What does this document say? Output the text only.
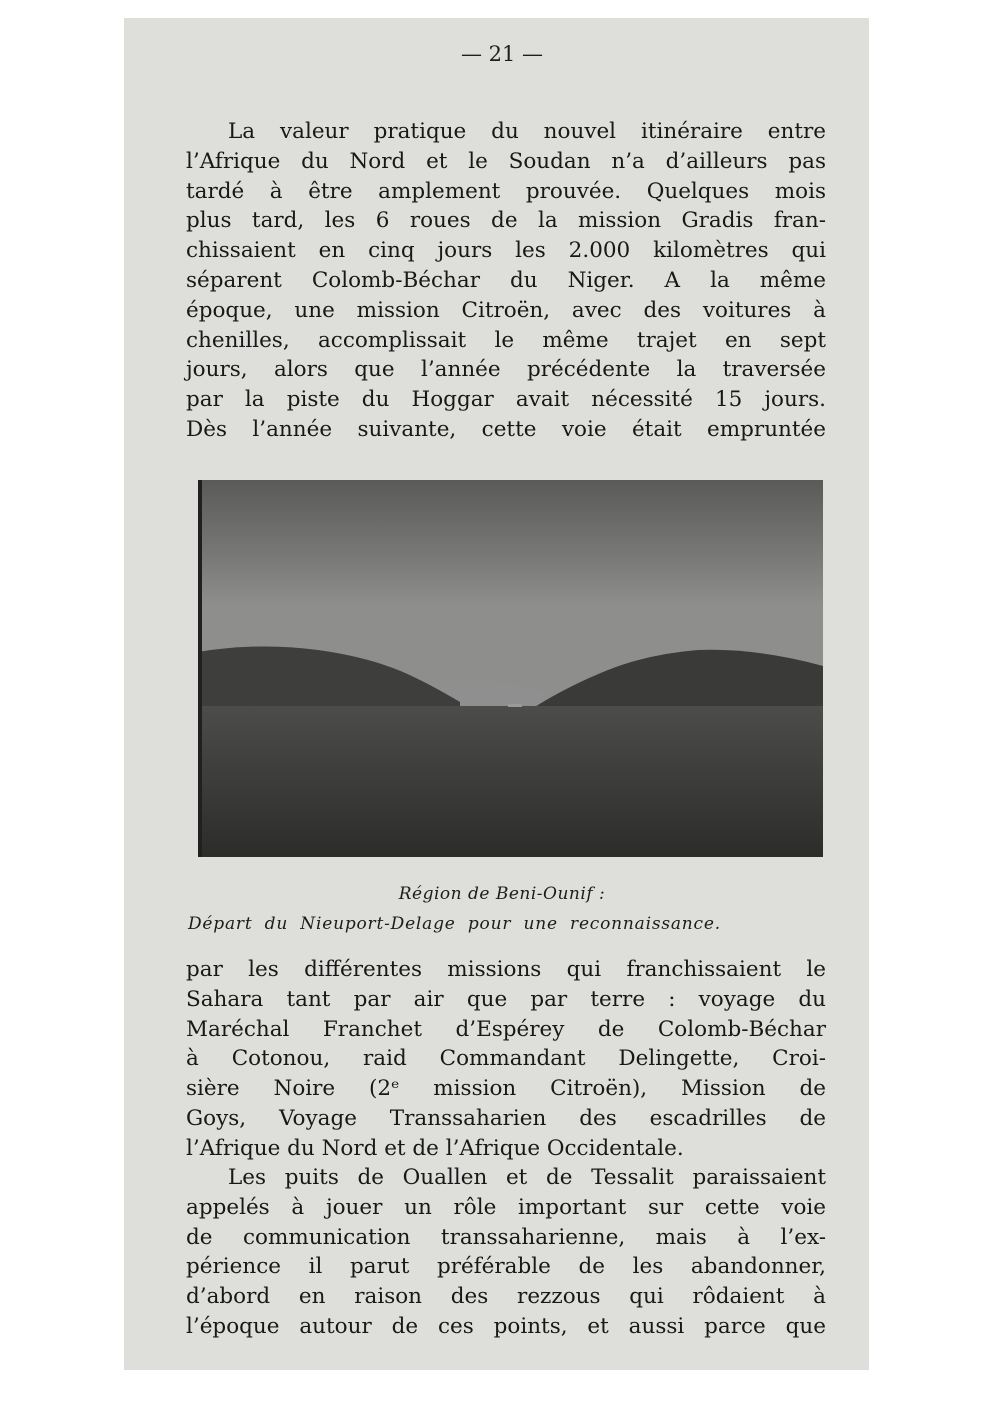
— 21 —
La valeur pratique du nouvel itinéraire entre
l’Afrique du Nord et le Soudan n’a d’ailleurs pas
tardé à être amplement prouvée. Quelques mois
plus tard, les 6 roues de la mission Gradis fran-
chissaient en cinq jours les 2.000 kilomètres qui
séparent Colomb-Béchar du Niger. A la même
époque, une mission Citroën, avec des voitures à
chenilles, accomplissait le même trajet en sept
jours, alors que l’année précédente la traversée
par la piste du Hoggar avait nécessité 15 jours.
Dès l’année suivante, cette voie était empruntée
Région de Beni-Ounif :
Départ du Nieuport-Delage pour une reconnaissance.
par les différentes missions qui franchissaient le
Sahara tant par air que par terre : voyage du
Maréchal Franchet d’Espérey de Colomb-Béchar
à Cotonou, raid Commandant Delingette, Croi-
sière Noire (2ᵉ mission Citroën), Mission de
Goys, Voyage Transsaharien des escadrilles de
l’Afrique du Nord et de l’Afrique Occidentale.
Les puits de Ouallen et de Tessalit paraissaient
appelés à jouer un rôle important sur cette voie
de communication transsaharienne, mais à l’ex-
périence il parut préférable de les abandonner,
d’abord en raison des rezzous qui rôdaient à
l’époque autour de ces points, et aussi parce que
